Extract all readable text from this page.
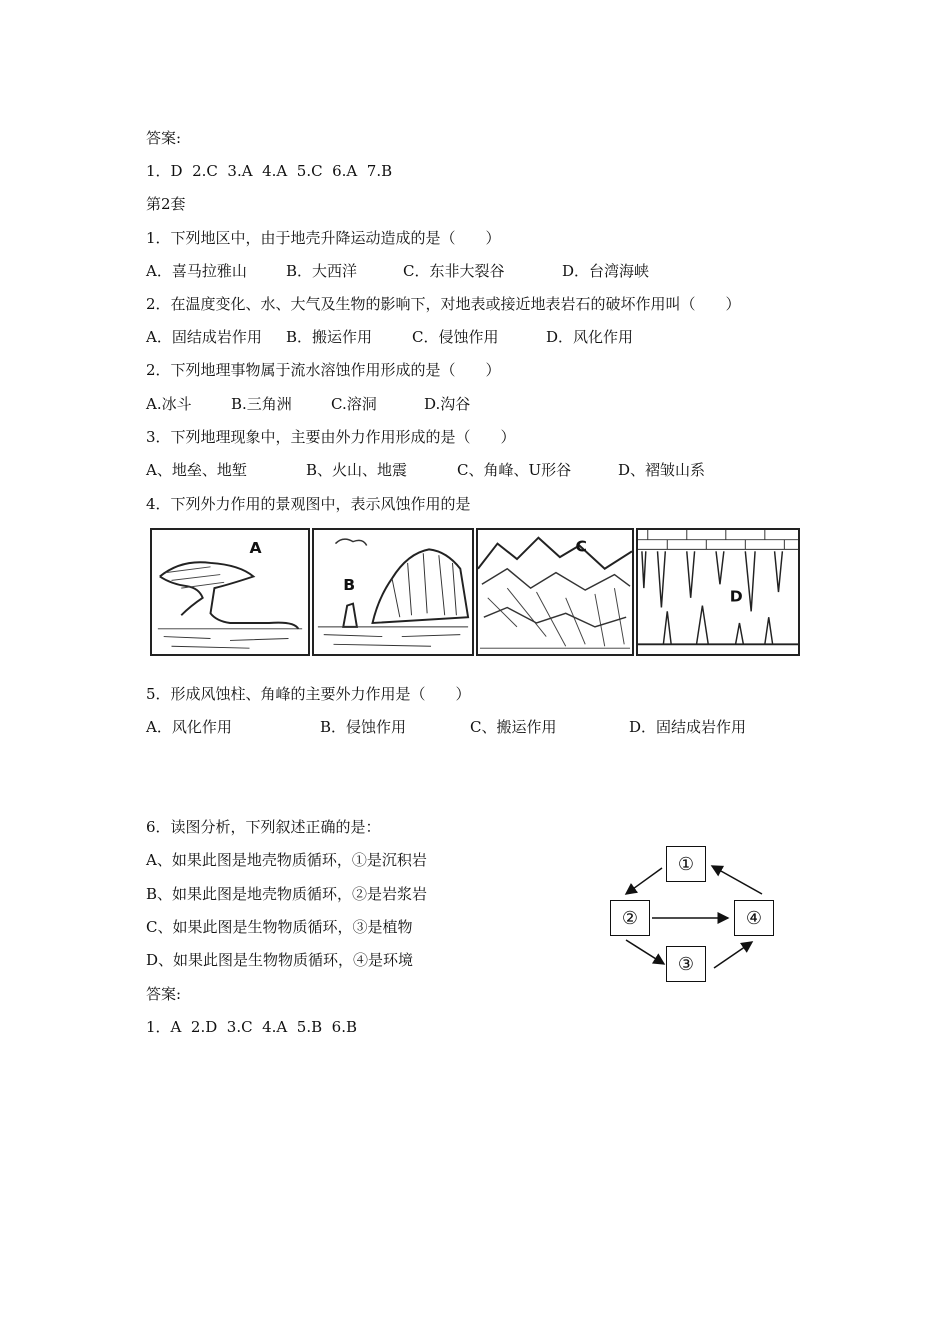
答案:
1．D  2.C  3.A  4.A  5.C  6.A  7.B
第2套
1．下列地区中，由于地壳升降运动造成的是（　　）
A．喜马拉雅山	B．大西洋	C．东非大裂谷	D．台湾海峡
2．在温度变化、水、大气及生物的影响下，对地表或接近地表岩石的破坏作用叫（　　）
A．固结成岩作用 B．搬运作用	C．侵蚀作用	D．风化作用
2．下列地理事物属于流水溶蚀作用形成的是（　　）
A.冰斗	B.三角洲	C.溶洞	D.沟谷
3．下列地理现象中，主要由外力作用形成的是（　　）
A、地垒、地堑	B、火山、地震	C、角峰、U形谷	D、褶皱山系
4．下列外力作用的景观图中，表示风蚀作用的是
A
B
C
D
5．形成风蚀柱、角峰的主要外力作用是（　　）
A．风化作用	B．侵蚀作用	C、搬运作用	D．固结成岩作用
6．读图分析，下列叙述正确的是：
A、如果此图是地壳物质循环，①是沉积岩
B、如果此图是地壳物质循环，②是岩浆岩
C、如果此图是生物物质循环，③是植物
D、如果此图是生物物质循环，④是环境
①
②
③
④
答案:
1．A  2.D  3.C  4.A  5.B  6.B
